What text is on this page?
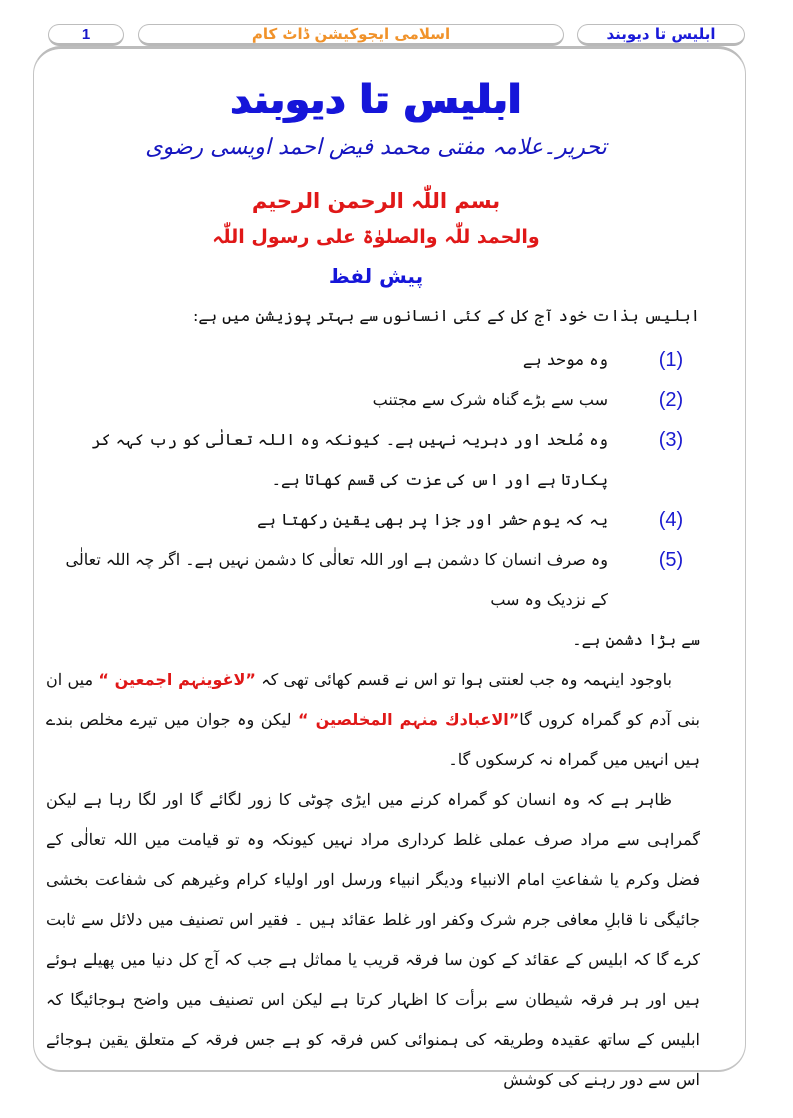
1	اسلامی ایجوکیشن ڈاٹ کام	ابلیس تا دیوبند
ابلیس تا دیوبند
تحریر۔علامہ مفتی محمد فیض احمد اویسی رضوی
بسم اللّٰہ الرحمن الرحیم
والحمد للّٰہ والصلوٰۃ علی رسول اللّٰہ
پیش لفظ

ابلیس بذات خود آج کل کے کئی انسانوں سے بہتر پوزیشن میں ہے:

(1)
وہ موحد ہے
(2)
سب سے بڑے گناہ شرک سے مجتنب
(3)
وہ مُلحد اور دہریہ نہیں ہے۔ کیونکہ وہ اللہ تعالٰی کو رب کہہ کر پکارتا ہے اور اس کی عزت کی قسم کھاتا ہے۔
(4)
یہ کہ یوم حشر اور جزا پر بھی یقین رکھتا ہے
(5)
وہ صرف انسان کا دشمن ہے اور اللہ تعالٰی کا دشمن نہیں ہے۔ اگر چہ اللہ تعالٰی کے نزدیک وہ سب
سے بڑا دشمن ہے۔

باوجود اینہمہ وہ جب لعنتی ہوا تو اس نے قسم کھائی تھی کہ ”لاغوینہم اجمعین “ میں ان بنی آدم کو گمراہ کروں گا”الاعبادك منہم المخلصین “ لیکن وہ جوان میں تیرے مخلص بندے ہیں انہیں میں گمراہ نہ کرسکوں گا۔

ظاہر ہے کہ وہ انسان کو گمراہ کرنے میں ایڑی چوٹی کا زور لگائے گا اور لگا رہا ہے لیکن گمراہی سے مراد صرف عملی غلط کرداری مراد نہیں کیونکہ وہ تو قیامت میں اللہ تعالٰی کے فضل وکرم یا شفاعتِ امام الانبیاء ودیگر انبیاء ورسل اور اولیاء کرام وغیرھم کی شفاعت بخشی جائیگی نا قابلِ معافی جرم شرک وکفر اور غلط عقائد ہیں ۔ فقیر اس تصنیف میں دلائل سے ثابت کرے گا کہ ابلیس کے عقائد کے کون سا فرقہ قریب یا مماثل ہے جب کہ آج کل دنیا میں پھیلے ہوئے ہیں اور ہر فرقہ شیطان سے برأت کا اظہار کرتا ہے لیکن اس تصنیف میں واضح ہوجائیگا کہ ابلیس کے ساتھ عقیدہ وطریقہ کی ہمنوائی کس فرقہ کو ہے جس فرقہ کے متعلق یقین ہوجائے اس سے دور رہنے کی کوشش
